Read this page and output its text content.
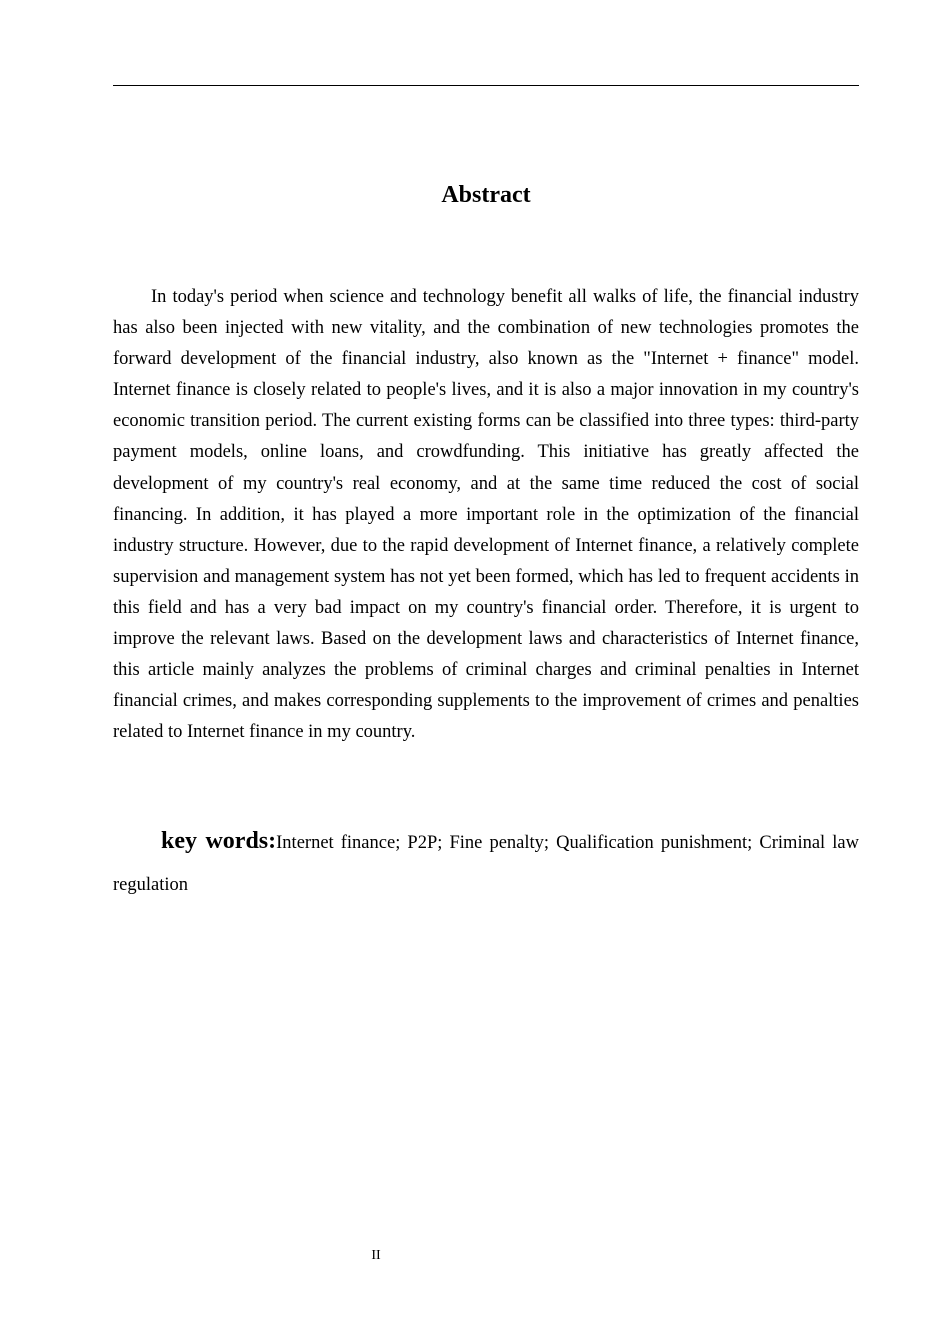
Abstract

In today's period when science and technology benefit all walks of life, the financial industry has also been injected with new vitality, and the combination of new technologies promotes the forward development of the financial industry, also known as the "Internet + finance" model. Internet finance is closely related to people's lives, and it is also a major innovation in my country's economic transition period. The current existing forms can be classified into three types: third-party payment models, online loans, and crowdfunding. This initiative has greatly affected the development of my country's real economy, and at the same time reduced the cost of social financing. In addition, it has played a more important role in the optimization of the financial industry structure. However, due to the rapid development of Internet finance, a relatively complete supervision and management system has not yet been formed, which has led to frequent accidents in this field and has a very bad impact on my country's financial order. Therefore, it is urgent to improve the relevant laws. Based on the development laws and characteristics of Internet finance, this article mainly analyzes the problems of criminal charges and criminal penalties in Internet financial crimes, and makes corresponding supplements to the improvement of crimes and penalties related to Internet finance in my country.

key words:Internet finance; P2P; Fine penalty; Qualification punishment; Criminal law regulation

II
